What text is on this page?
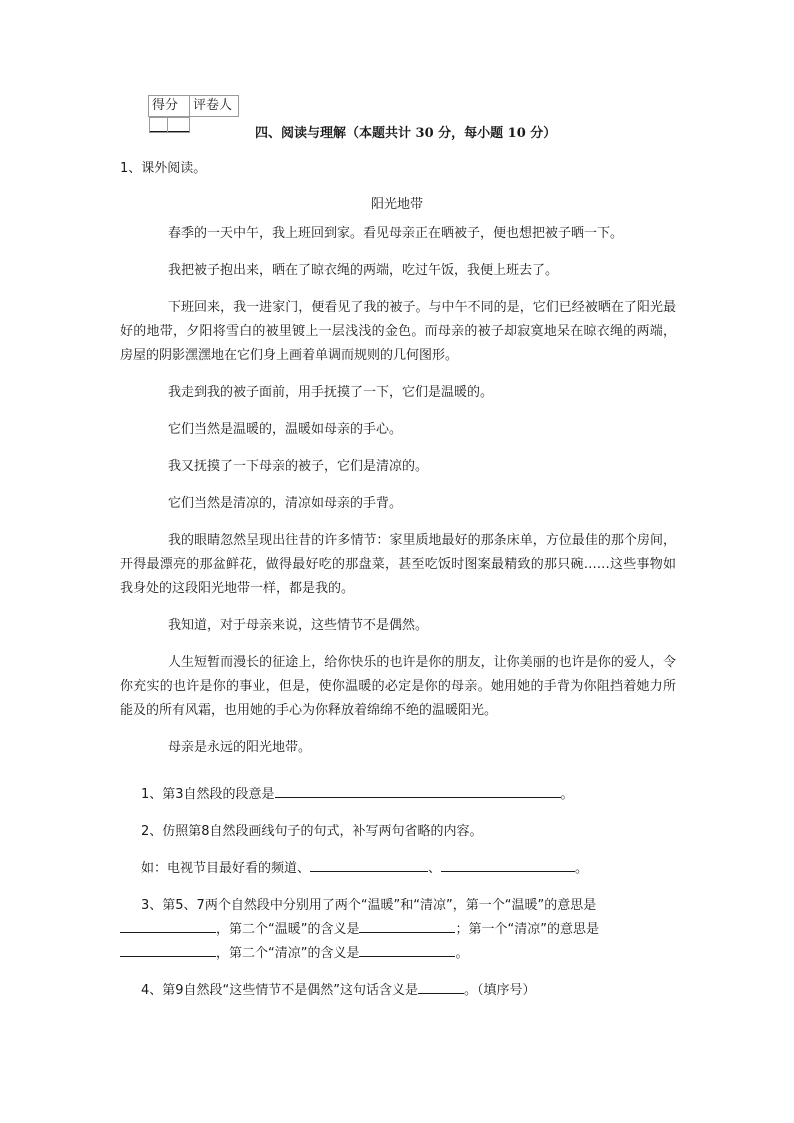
得分	评卷人

四、阅读与理解（本题共计 30 分，每小题 10 分）
1、课外阅读。
阳光地带

春季的一天中午，我上班回到家。看见母亲正在晒被子，便也想把被子晒一下。

我把被子抱出来，晒在了晾衣绳的两端，吃过午饭，我便上班去了。

下班回来，我一进家门，便看见了我的被子。与中午不同的是，它们已经被晒在了阳光最好的地带，夕阳将雪白的被里镀上一层浅浅的金色。而母亲的被子却寂寞地呆在晾衣绳的两端，房屋的阴影潶潶地在它们身上画着单调而规则的几何图形。

我走到我的被子面前，用手抚摸了一下，它们是温暖的。

它们当然是温暖的，温暖如母亲的手心。

我又抚摸了一下母亲的被子，它们是清凉的。

它们当然是清凉的，清凉如母亲的手背。

我的眼睛忽然呈现出往昔的许多情节：家里质地最好的那条床单，方位最佳的那个房间，开得最漂亮的那盆鲜花，做得最好吃的那盘菜，甚至吃饭时图案最精致的那只碗……这些事物如我身处的这段阳光地带一样，都是我的。

我知道，对于母亲来说，这些情节不是偶然。

人生短暂而漫长的征途上，给你快乐的也许是你的朋友，让你美丽的也许是你的爱人，令你充实的也许是你的事业，但是，使你温暖的必定是你的母亲。她用她的手背为你阻挡着她力所能及的所有风霜，也用她的手心为你释放着绵绵不绝的温暖阳光。

母亲是永远的阳光地带。

1、第3自然段的段意是	。

2、仿照第8自然段画线句子的句式，补写两句省略的内容。

如：电视节目最好看的频道、	、	。

3、第5、7两个自然段中分别用了两个“温暖”和“清凉”，第一个“温暖”的意思是

，第二个“温暖”的含义是	；第一个“清凉”的意思是

，第二个“清凉”的含义是	。

4、第9自然段“这些情节不是偶然”这句话含义是	。（填序号）
